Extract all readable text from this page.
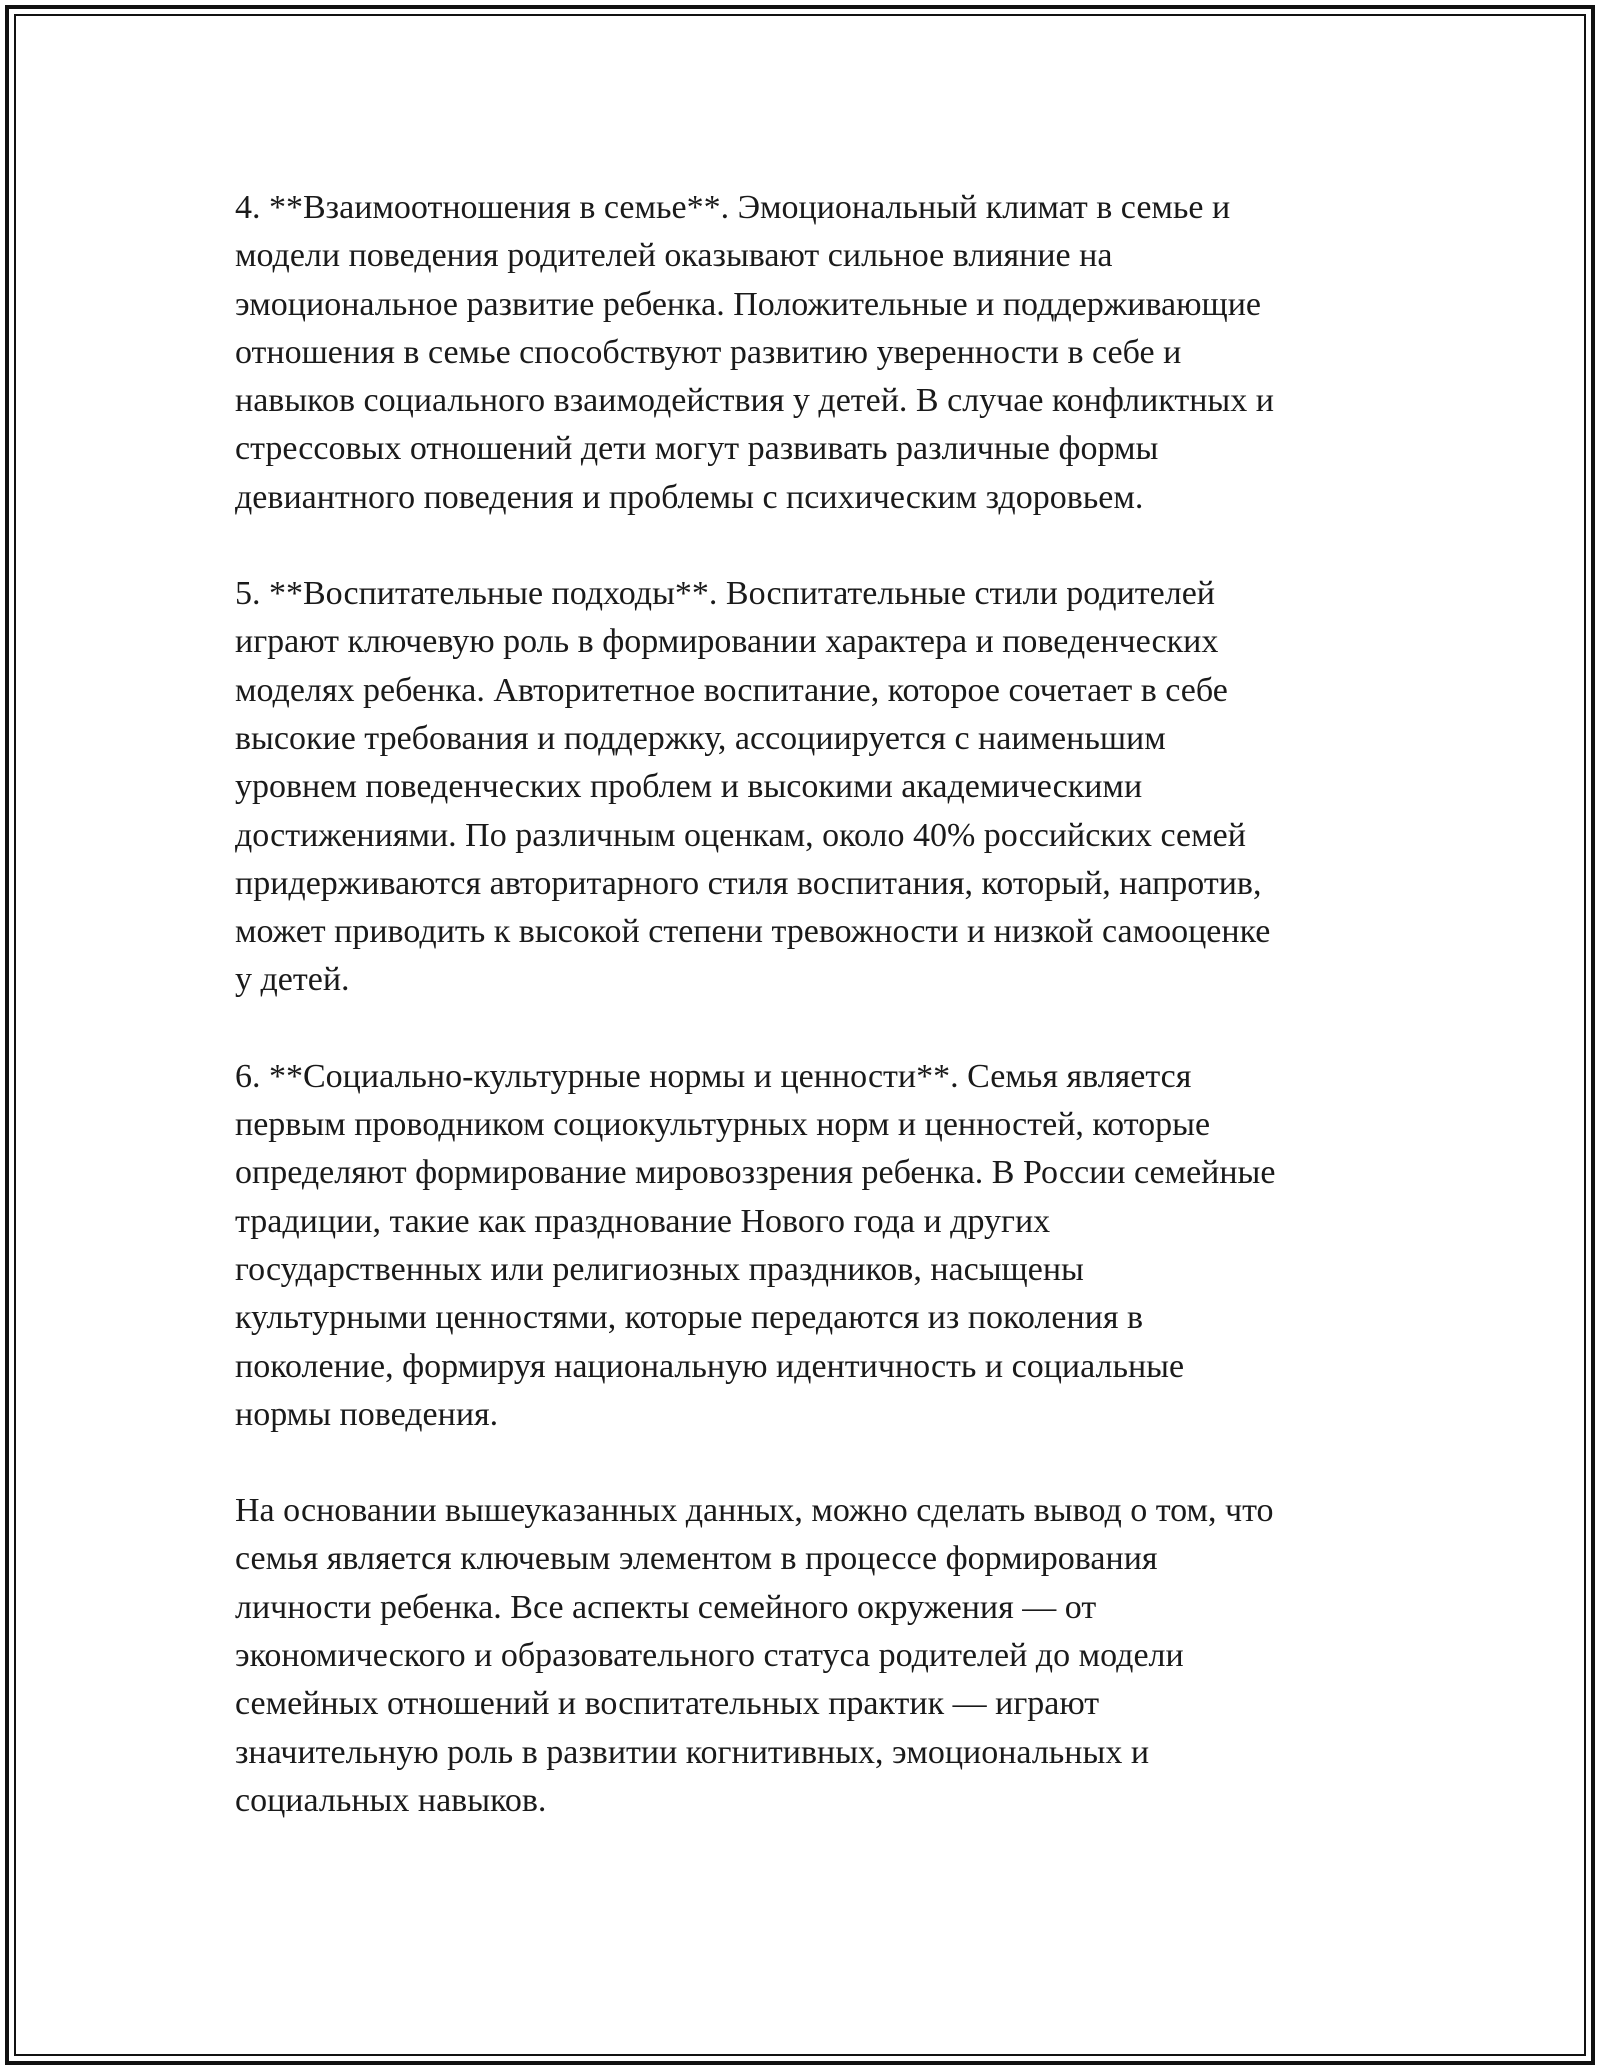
4. **Взаимоотношения в семье**. Эмоциональный климат в семье и
модели поведения родителей оказывают сильное влияние на
эмоциональное развитие ребенка. Положительные и поддерживающие
отношения в семье способствуют развитию уверенности в себе и
навыков социального взаимодействия у детей. В случае конфликтных и
стрессовых отношений дети могут развивать различные формы
девиантного поведения и проблемы с психическим здоровьем.

5. **Воспитательные подходы**. Воспитательные стили родителей
играют ключевую роль в формировании характера и поведенческих
моделях ребенка. Авторитетное воспитание, которое сочетает в себе
высокие требования и поддержку, ассоциируется с наименьшим
уровнем поведенческих проблем и высокими академическими
достижениями. По различным оценкам, около 40% российских семей
придерживаются авторитарного стиля воспитания, который, напротив,
может приводить к высокой степени тревожности и низкой самооценке
у детей.

6. **Социально-культурные нормы и ценности**. Семья является
первым проводником социокультурных норм и ценностей, которые
определяют формирование мировоззрения ребенка. В России семейные
традиции, такие как празднование Нового года и других
государственных или религиозных праздников, насыщены
культурными ценностями, которые передаются из поколения в
поколение, формируя национальную идентичность и социальные
нормы поведения.

На основании вышеуказанных данных, можно сделать вывод о том, что
семья является ключевым элементом в процессе формирования
личности ребенка. Все аспекты семейного окружения — от
экономического и образовательного статуса родителей до модели
семейных отношений и воспитательных практик — играют
значительную роль в развитии когнитивных, эмоциональных и
социальных навыков.
